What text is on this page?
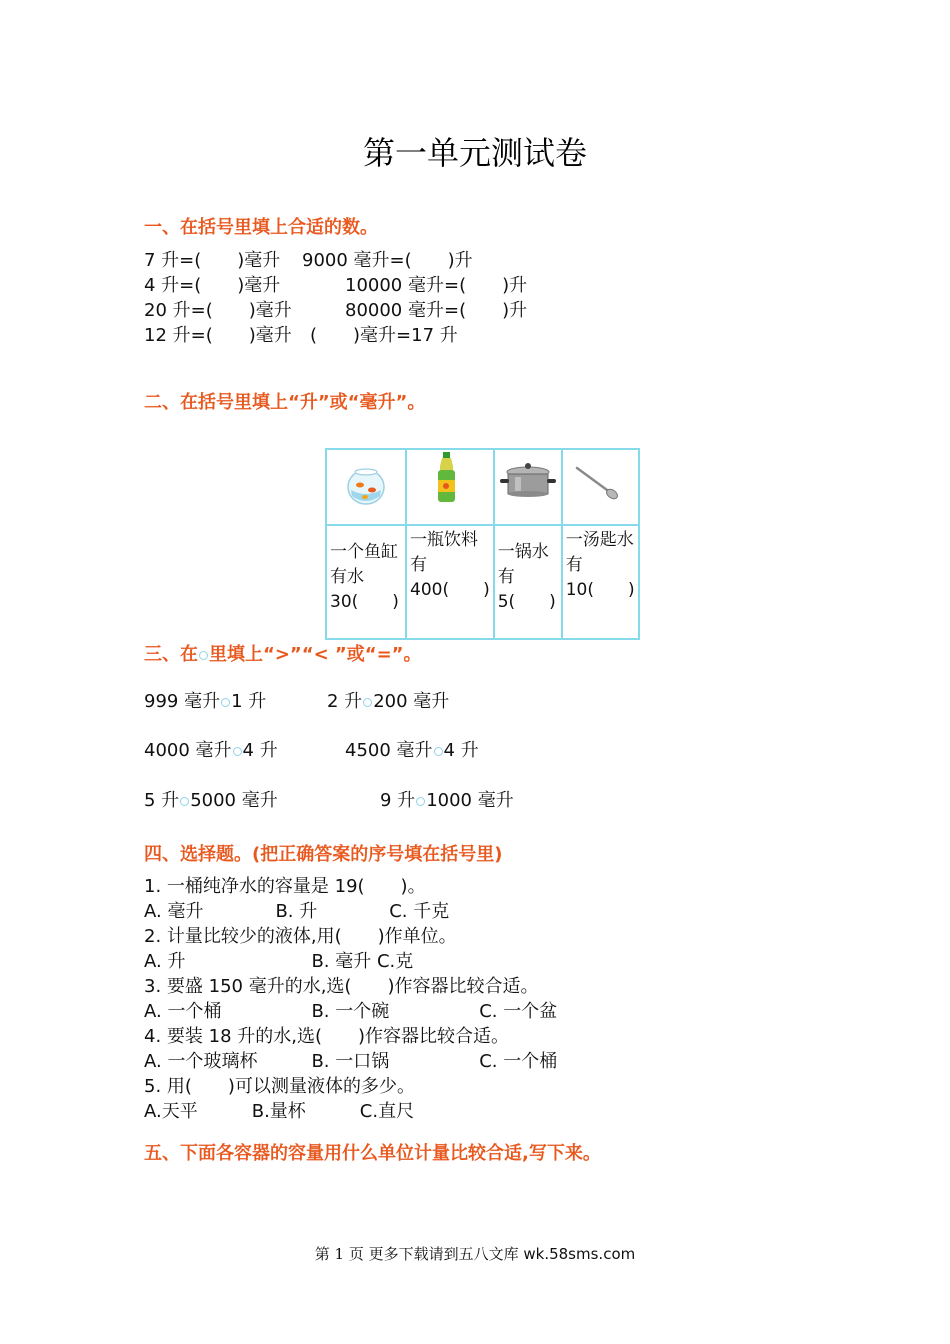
第一单元测试卷
一、在括号里填上合适的数。
7 升=(　　)毫升 9000 毫升=(　　)升
4 升=(　　)毫升	10000 毫升=(　　)升
20 升=(　　)毫升	80000 毫升=(　　)升
12 升=(　　)毫升 (　　)毫升=17 升
二、在括号里填上“升”或“毫升”。

一个鱼缸有水30(　　)	一瓶饮料有400(　　)	一锅水有5(　　)	一汤匙水有10(　　)
三、在 里填上“>”“< ”或“=”。
999 毫升 1 升	2 升 200 毫升
4000 毫升 4 升	4500 毫升 4 升
5 升 5000 毫升	9 升 1000 毫升
四、选择题。(把正确答案的序号填在括号里)
1. 一桶纯净水的容量是 19(　　)。
A. 毫升　　　　B. 升　　　　C. 千克
2. 计量比较少的液体,用(　　)作单位。
A. 升　　　　　　　B. 毫升 C.克
3. 要盛 150 毫升的水,选(　　)作容器比较合适。
A. 一个桶　　　　　B. 一个碗　　　　　C. 一个盆
4. 要装 18 升的水,选(　　)作容器比较合适。
A. 一个玻璃杯　　　B. 一口锅　　　　　C. 一个桶
5. 用(　　)可以测量液体的多少。
A.天平　　　B.量杯　　　C.直尺
五、下面各容器的容量用什么单位计量比较合适,写下来。
第 1 页 更多下载请到五八文库 wk.58sms.com
